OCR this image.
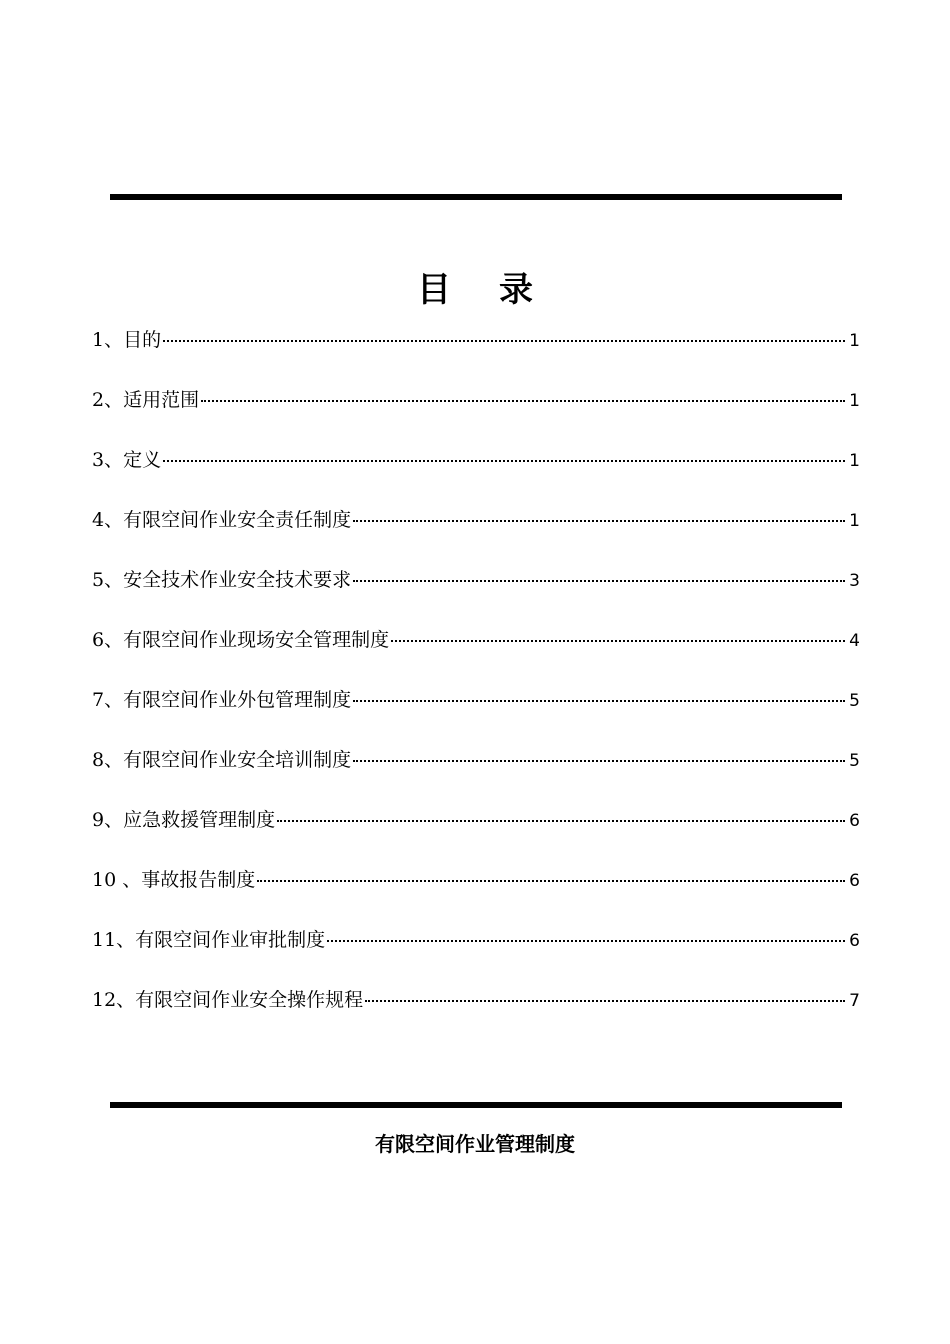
目录
1、目的	1
2、适用范围	1
3、定义	1
4、有限空间作业安全责任制度	1
5、安全技术作业安全技术要求	3
6、有限空间作业现场安全管理制度	4
7、有限空间作业外包管理制度	5
8、有限空间作业安全培训制度	5
9、应急救援管理制度	6
10 、事故报告制度	6
11、有限空间作业审批制度	6
12、有限空间作业安全操作规程	7
有限空间作业管理制度
